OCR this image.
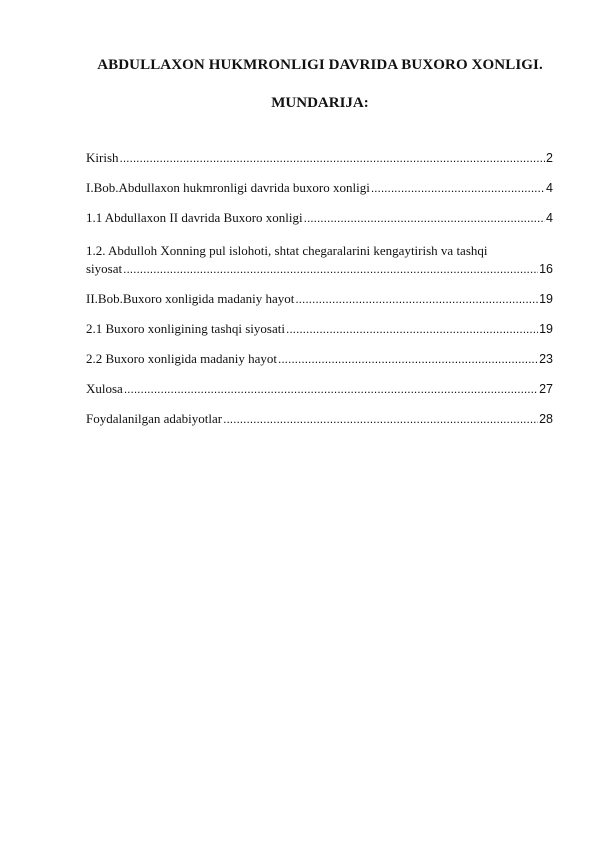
ABDULLAXON HUKMRONLIGI DAVRIDA BUXORO XONLIGI.
MUNDARIJA:
Kirish .....	2
I.Bob.Abdullaxon hukmronligi davrida buxoro xonligi .....	4
1.1 Abdullaxon II davrida Buxoro xonligi .....	4
1.2. Abdulloh Xonning pul islohoti, shtat chegaralarini kengaytirish va tashqi
siyosat .....	16
II.Bob.Buxoro xonligida madaniy hayot .....	19
2.1 Buxoro xonligining tashqi siyosati .....	19
2.2 Buxoro xonligida madaniy hayot .....	23
Xulosa .....	27
Foydalanilgan adabiyotlar .....	28
